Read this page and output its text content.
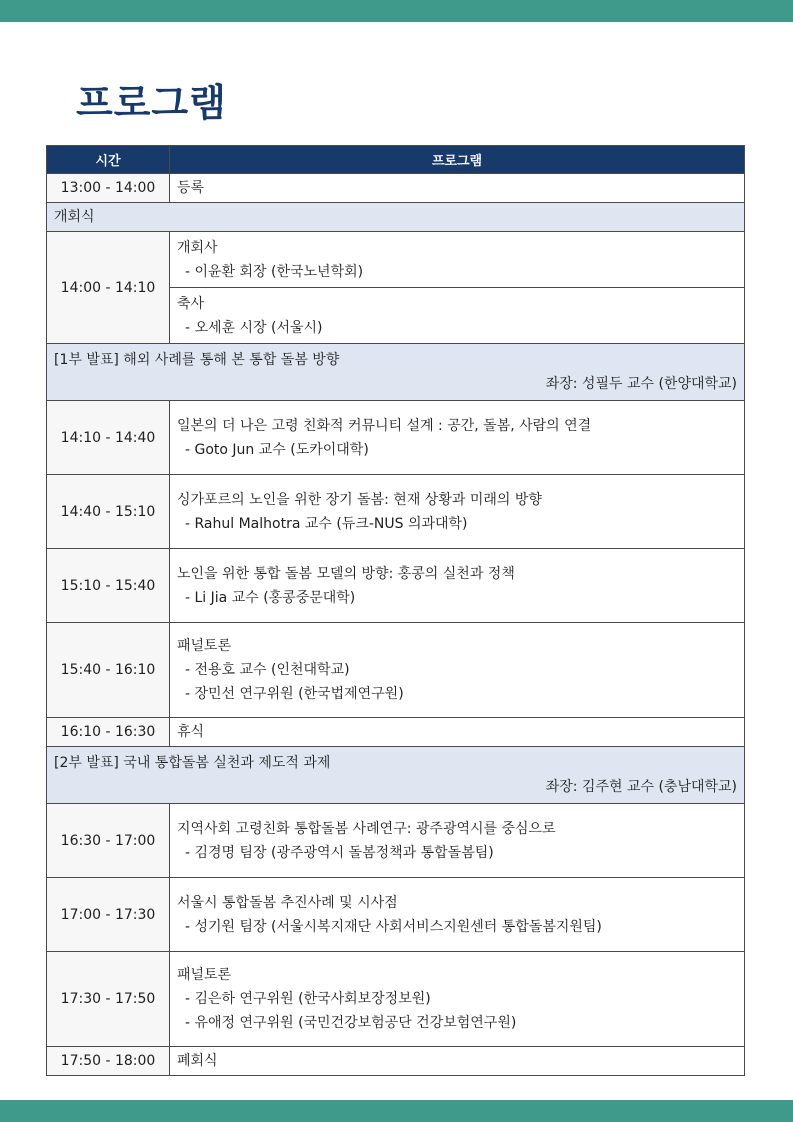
프로그램
시간	프로그램
13:00 - 14:00	등록
개회식	
14:00 - 14:10	개회사
- 이윤환 회장 (한국노년학회)

	축사
- 오세훈 시장 (서울시)

[1부 발표] 해외 사례를 통해 본 통합 돌봄 방향
좌장: 성필두 교수 (한양대학교)	

14:10 - 14:40	일본의 더 나은 고령 친화적 커뮤니티 설계 : 공간, 돌봄, 사람의 연결
- Goto Jun 교수 (도카이대학)

14:40 - 15:10	싱가포르의 노인을 위한 장기 돌봄: 현재 상황과 미래의 방향
- Rahul Malhotra 교수 (듀크-NUS 의과대학)

15:10 - 15:40	노인을 위한 통합 돌봄 모델의 방향: 홍콩의 실천과 정책
- Li Jia 교수 (홍콩중문대학)

15:40 - 16:10	패널토론
- 전용호 교수 (인천대학교)
- 장민선 연구위원 (한국법제연구원)

16:10 - 16:30	휴식

[2부 발표] 국내 통합돌봄 실천과 제도적 과제
좌장: 김주현 교수 (충남대학교)	

16:30 - 17:00	지역사회 고령친화 통합돌봄 사례연구: 광주광역시를 중심으로
- 김경명 팀장 (광주광역시 돌봄정책과 통합돌봄팀)

17:00 - 17:30	서울시 통합돌봄 추진사례 및 시사점
- 성기원 팀장 (서울시복지재단 사회서비스지원센터 통합돌봄지원팀)

17:30 - 17:50	패널토론
- 김은하 연구위원 (한국사회보장정보원)
- 유애정 연구위원 (국민건강보험공단 건강보험연구원)

17:50 - 18:00	폐회식
